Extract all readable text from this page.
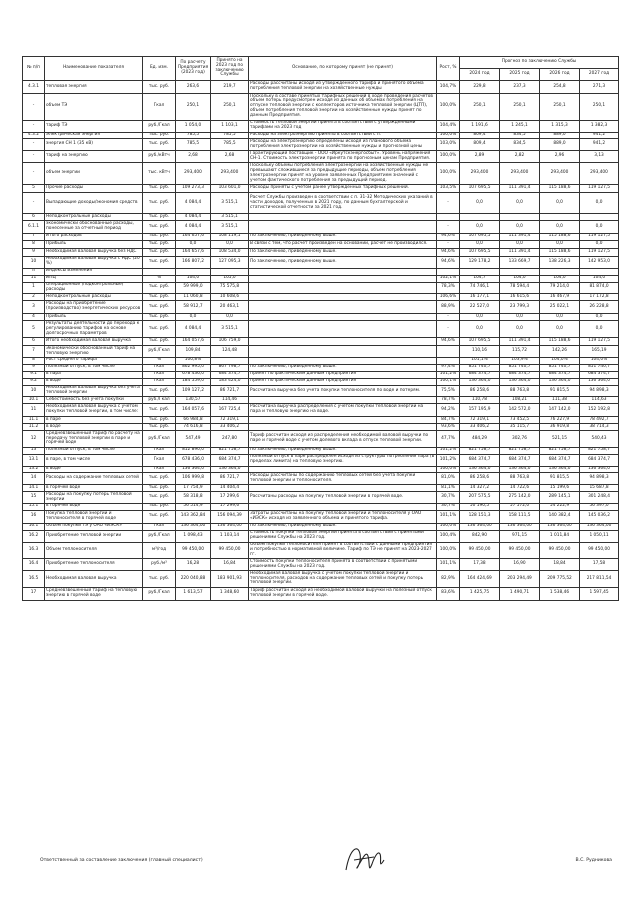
№ п/п	Наименование показателя	Ед. изм.	По расчету Предприятия (2023 год)	Принято на 2023 год по заключению Службы	Основание, по которому принят (не принят)	Рост, %	Прогноз по заключению Службы			
							2024 год	2025 год	2026 год	2027 год
4.3.1	тепловая энергия	тыс. руб.	263,6	219,7	Расходы рассчитаны исходя из утвержденного тарифа и принятого объема потребления тепловой энергии на хозяйственные нужды	104,7%	229,8	237,3	254,8	271,3
-	объем ТЭ	Гкал	250,1	250,1	Поскольку в составе принятых тарифных решений в ходе проведения расчетов объем потерь предусмотрен исходя из данных об объемах потребления на отпуске тепловой энергии с коллекторов источника тепловой энергии (ЦТП), объем потребления тепловой энергии на хозяйственные нужды принят по данным Предприятия.	100,0%	250,1	250,1	250,1	250,1
-	тариф ТЭ	руб./Гкал	1 054,0	1 103,1	Стоимость тепловой энергии принята в соответствии с утвержденными тарифами на 2023 год	104,4%	1 191,6	1 245,1	1 315,3	1 382,3
4.3.2	Электрическая энергия	тыс. руб.	785,5	785,5	Расходы на электроэнергию приняты в соответствии с п.	100,0%	809,4	834,5	889,0	941,2
-	энергия СН 1 (35 кВ)	тыс. руб.	785,5	785,5	Расходы на электроэнергию определены исходя из планового объема потребления электроэнергии на хозяйственные нужды и прогнозной цены	103,0%	809,4	834,5	889,0	941,2
-	тариф на энергию	руб./кВтч	2,68	2,68	Гарантирующий поставщик - ООО «Иркутскэнергосбыт». Уровень напряжения СН-1. Стоимость электроэнергии принята по прогнозным ценам Предприятия.	100,0%	2,89	2,82	2,96	3,13
-	объем энергии	тыс. кВтч	293,400	293,400	Поскольку объемы потребления электроэнергии на хозяйственные нужды не превышают сложившиеся за предыдущие периоды, объем потребления электроэнергии принят на уровне заявленных Предприятием значений с учетом фактического потребления за предыдущий период.	100,0%	293,400	293,400	293,400	293,400
5	Прочие расходы	тыс. руб.	109 273,3	103 601,0	Расходы приняты с учетом ранее утвержденных тарифных решений.	103,5%	107 695,5	111 391,4	115 188,6	119 127,5
-	Выпадающие доходы/экономия средств	тыс. руб.	4 084,4	3 515,1	Расчет Службы произведен в соответствии с п. 31-32 Методических указаний в части доходов, полученных в 2021 году, по данным бухгалтерской и статистической отчетности за 2021 год.	-	0,0	0,0	0,0	0,0
6	Неподконтрольные расходы	тыс. руб.	4 084,4	3 515,1						
6.1.1	экономически обоснованные расходы, понесенные за отчетный период	тыс. руб.	4 084,4	3 515,1		-	0,0	0,0	0,0	0,0
7	Итого расходов	тыс. руб.	164 657,6	108 119,1	По заключению, приведенному выше.	94,6%	107 695,5	111 391,4	115 188,6	119 127,5
8	Прибыль	тыс. руб.	0,0	0,0	В связи с тем, что расчет произведен на основании, расчет не производился.	-	0,0	0,0	0,0	0,0
9	Необходимая валовая выручка без НДС	тыс. руб.	164 657,6	108 534,0	По заключению, приведенному выше.	94,6%	107 695,5	111 391,4	115 188,6	119 127,5
10	Необходимая валовая выручка с НДС (20 %)	тыс. руб.	166 807,2	127 095,3	По заключению, приведенному выше.	94,6%	129 178,2	133 669,7	138 226,3	142 953,0
II	Индексы изменения									
11	ИПЦ	%	104,0	105,0		102,1%	104,7	104,0	104,0	104,0
1	Операционные (подконтрольные) расходы	тыс. руб.	59 999,0	75 575,8		78,3%	74 746,1	78 594,4	79 214,0	81 874,0
2	Неподконтрольные расходы	тыс. руб.	11 060,8	10 608,6		106,6%	16 177,1	16 615,6	16 467,9	17 172,8
3	Расходы на приобретение (производство) энергетических ресурсов	тыс. руб.	58 912,7	20 463,1		88,9%	22 527,0	23 799,3	25 022,1	26 228,8
4	Прибыль	тыс. руб.	0,0	0,0		-	0,0	0,0	0,0	0,0
5	Результаты деятельности до перехода к регулированию тарифов на основе долгосрочных параметров	тыс. руб.	4 084,4	3 515,1		-	0,0	0,0	0,0	0,0
6	Итого необходимая валовая выручка	тыс. руб.	164 057,6	106 759,0		94,6%	107 695,5	111 391,4	115 188,6	119 127,5
7	Экономически обоснованный тариф на тепловую энергию	руб./Гкал	109,84	124,48			110,16	115,72	142,26	165,19
8	Рост среднего тарифа	%	100,8%				101,1%	103,9%	104,0%	104,0%
9	Полезный отпуск, в том числе	Гкал	862 995,0	867 798,7	По заключению, приведенному выше.	97,4%	851 740,7	851 740,7	851 740,7	851 740,7
9.1	в пара	Гкал	678 436,0	684 374,7	Принят по фактическим данным Предприятия	101,2%	684 374,7	684 374,7	684 374,7	684 374,7
9.2	в воде	Гкал	184 559,0	183 424,0	Принят по фактическим данным Предприятия	100,1%	136 364,0	136 364,0	136 364,0	136 364,0
10	Необходимая валовая выручка без учета тепловой энергии	тыс. руб.	109 127,2	86 721,7	Рассчитана выручка без учета покупки теплоносителя по воде и потерям.	75,5%	86 258,6	88 763,8	91 815,5	94 898,3
10.1	Себестоимость без учета покупки	руб./Гкал	130,57	114,46		78,7%	110,78	108,21	111,38	114,63
11	Необходимая валовая выручка с учетом покупки тепловой энергии, в том числе:	тыс. руб.	164 057,6	167 725,4	Рассчитана выручка распределения с учетом покупки тепловой энергии на пара и тепловую энергию на воде.	94,2%	157 195,9	142 572,0	147 142,0	152 192,8
11.1	в паре	тыс. руб.	66 984,8	72 319,1		84,7%	72 319,1	73 452,5	76 227,9	78 492,7
11.2	в воде	тыс. руб.	74 616,8	33 406,2		93,6%	33 406,2	35 115,7	36 919,8	38 714,3
12	Средневзвешенный тариф по расчету на передачу тепловой энергии в паре и горячей воде	руб./Гкал	547,49	247,80	Тариф рассчитан исходя из распределения необходимой валовой выручки по паре и горячей воде с учетом долевого вклада в отпуск тепловой энергии.	47,7%	484,29	302,76	521,15	540,43
13	Полезный отпуск, в том числе	Гкал	812 890,0	821 758,7	По заключению, приведенному выше.	101,2%	821 758,7	821 758,7	821 758,7	821 758,7
13.1	в паре, в том числе	Гкал	678 436,0	684 374,7	Полезный отпуск в паре распределен исходя из структуры потребления пара (в пределах лимита) на тепловую энергию.	101,2%	684 374,7	684 374,7	684 374,7	684 374,7
13.2	в воде	Гкал	136 364,0	136 364,0		100,0%	136 364,0	136 364,0	136 364,0	136 364,0
14	Расходы на содержание тепловых сетей	тыс. руб.	106 999,8	86 721,7	Расходы рассчитаны по содержанию тепловых сетей без учета покупки тепловой энергии и теплоносителя.	81,0%	86 258,6	88 763,8	91 815,5	94 898,3
14.1	в горячей воде	тыс. руб.	17 754,9	14 404,4		81,1%	14 327,2	14 722,6	15 199,6	15 687,8
15	Расходы на покупку потерь тепловой энергии	тыс. руб.	58 318,8	17 299,6	Рассчитаны расходы на покупку тепловой энергии в горячей воде.	30,7%	207 575,5	275 142,0	289 145,1	301 248,4
15.1	в горячей воде	тыс. руб.	56 514,9	17 299,6		30,7%	50 190,5	57 572,0	54 222,9	56 397,0
16	Покупка тепловой энергии и теплоносителя в горячей воде	тыс. руб.	143 362,84	156 094,39	Затраты рассчитаны на покупку тепловой энергии и теплоносителя у ОАО «ИЭСК» исходя из заявленного объема и принятого тарифа.	101,1%	128 151,3	158 111,5	140 382,4	145 036,2
16.1	Объем покупки ТЭ у ОАО «ИЭСК»	Гкал	136 364,00	136 364,00	По заключению, приведенному выше.	100,0%	136 364,00	136 364,00	136 364,00	136 364,00
16.2	Приобретение тепловой энергии	руб./Гкал	1 098,43	1 103,14	Стоимость покупки тепловой энергии принята в соответствии с принятыми решениями Службы на 2023 год.	100,4%	842,90	971,15	1 011,84	1 050,11
16.3	Объем теплоносителя	м³/год	99 450,00	99 450,00	Объем покупки теплоносителя принят в соответствии с данными Предприятия и потребностью в нормативной величине. Тариф по ТЭ не принят на 2023-2027 гг.	100,0%	99 450,00	99 450,00	99 450,00	99 450,00
16.4	Приобретение теплоносителя	руб./м³	16,28	16,84	Стоимость покупки теплоносителя принята в соответствии с принятыми решениями Службы на 2023 год.	101,1%	17,38	16,90	18,84	17,58
16.5	Необходимая валовая выручка	тыс. руб.	220 040,88	183 901,93	Необходимая валовая выручка с учетом покупки тепловой энергии и теплоносителя, расходов на содержание тепловых сетей и покупку потерь тепловой энергии.	82,9%	164 424,69	203 294,49	209 775,52	217 811,54
17	Средневзвешенный тариф на тепловую энергию в горячей воде	руб./Гкал	1 613,57	1 348,60	Тариф рассчитан исходя из необходимой валовой выручки на полезный отпуск тепловой энергии в горячей воде.	83,6%	1 425,75	1 490,71	1 538,46	1 597,45
Ответственный за составление заключения (главный специалист)	В.С. Рудникова
